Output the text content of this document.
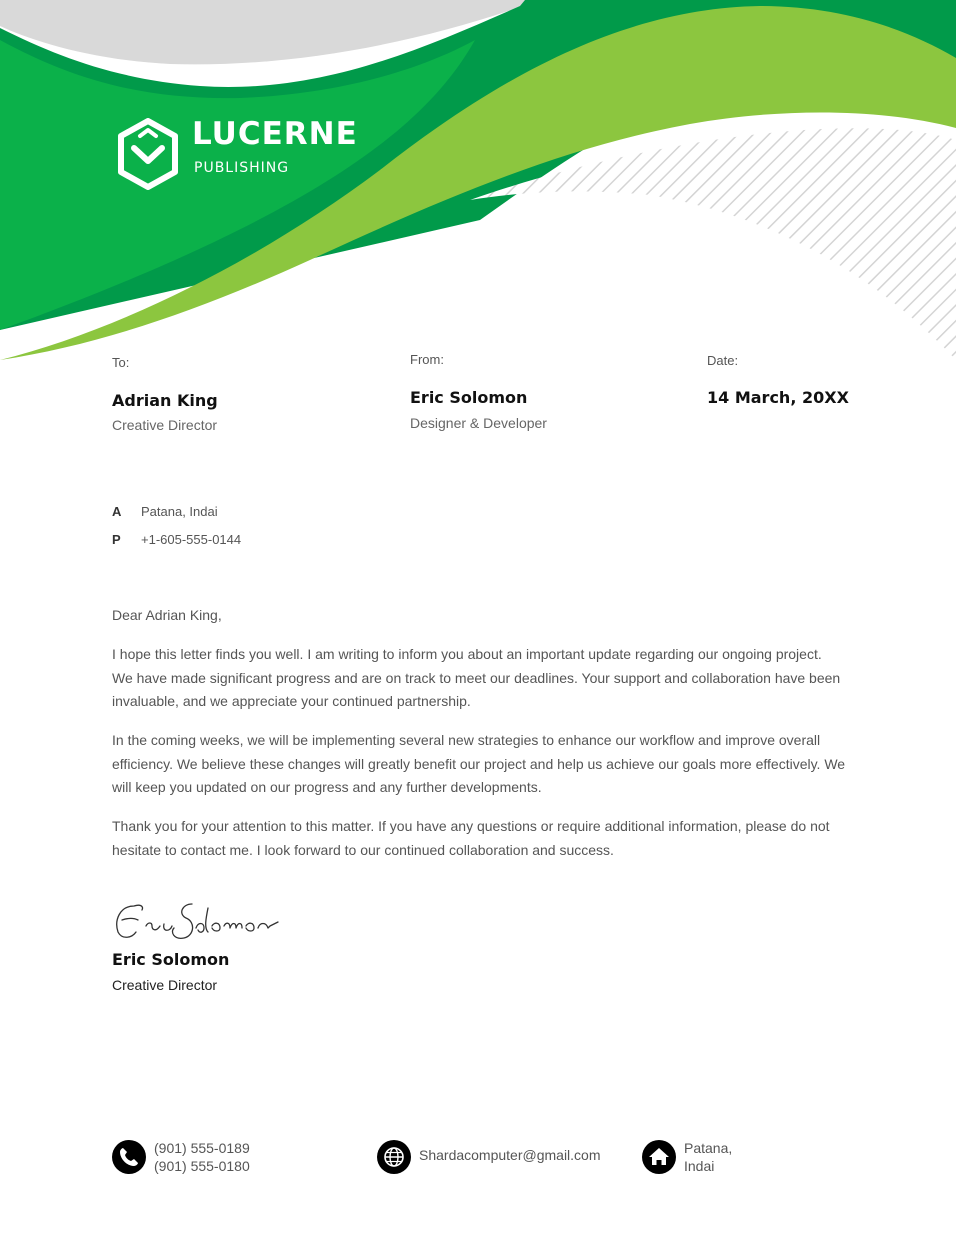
LUCERNE
PUBLISHING
To:
Adrian King
Creative Director
From:
Eric Solomon
Designer & Developer
Date:
14 March, 20XX
A Patana, Indai
P +1-605-555-0144

Dear Adrian King,

I hope this letter finds you well. I am writing to inform you about an important update regarding our ongoing project. We have made significant progress and are on track to meet our deadlines. Your support and collaboration have been invaluable, and we appreciate your continued partnership.

In the coming weeks, we will be implementing several new strategies to enhance our workflow and improve overall efficiency. We believe these changes will greatly benefit our project and help us achieve our goals more effectively. We will keep you updated on our progress and any further developments.

Thank you for your attention to this matter. If you have any questions or require additional information, please do not hesitate to contact me. I look forward to our continued collaboration and success.

Eric Solomon
Creative Director
(901) 555-0189
(901) 555-0180
Shardacomputer@gmail.com	Patana,
Indai
